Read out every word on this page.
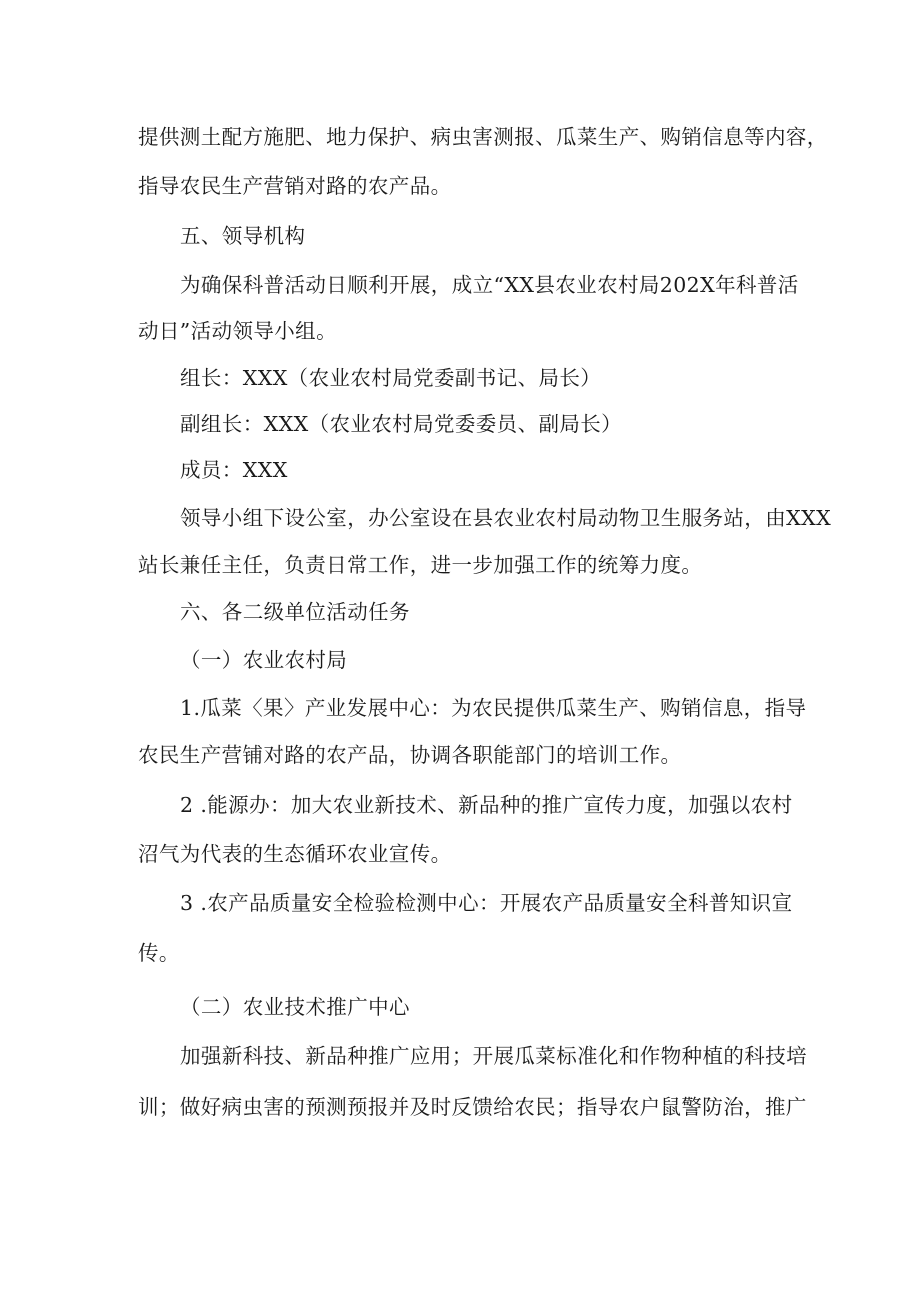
提供测土配方施肥、地力保护、病虫害测报、瓜菜生产、购销信息等内容，
指导农民生产营销对路的农产品。
五、领导机构
为确保科普活动日顺利开展，成立“XX县农业农村局202X年科普活
动日”活动领导小组。
组长：XXX（农业农村局党委副书记、局长）
副组长：XXX（农业农村局党委委员、副局长）
成员：XXX
领导小组下设公室，办公室设在县农业农村局动物卫生服务站，由XXX
站长兼任主任，负责日常工作，进一步加强工作的统筹力度。
六、各二级单位活动任务
（一）农业农村局
1.瓜菜〈果〉产业发展中心：为农民提供瓜菜生产、购销信息，指导
农民生产营铺对路的农产品，协调各职能部门的培训工作。
2 .能源办：加大农业新技术、新品种的推广宣传力度，加强以农村
沼气为代表的生态循环农业宣传。
3 .农产品质量安全检验检测中心：开展农产品质量安全科普知识宣
传。
（二）农业技术推广中心
加强新科技、新品种推广应用；开展瓜菜标准化和作物种植的科技培
训；做好病虫害的预测预报并及时反馈给农民；指导农户鼠警防治，推广
